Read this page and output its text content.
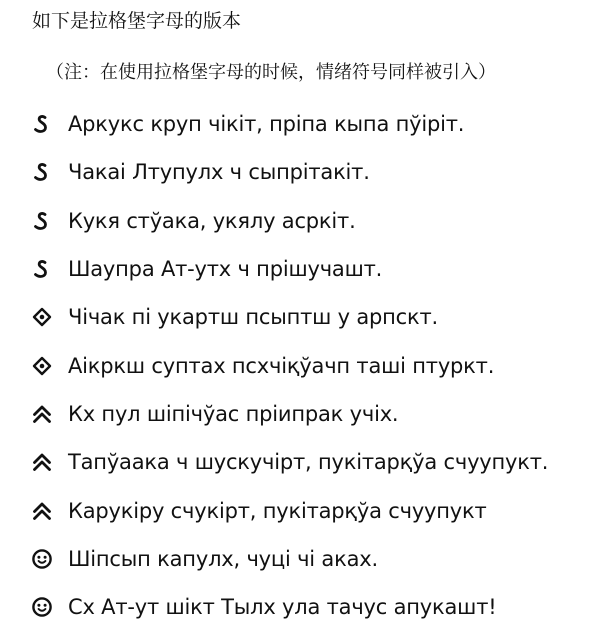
如下是拉格堡字母的版本
（注：在使用拉格堡字母的时候，情绪符号同样被引入）
Аркукс круп чікіт, пріпа кыпа пўіріт.
Чакаі Лтупулх ч сыпрітакіт.
Кукя стўака, укялу асркіт.
Шаупра Ат-утх ч прішучашт.
Чічак пі укартш псыптш у арпскт.
Аікркш суптах псхчіқўачп ташi птуркт.
Кх пул шіпічўас пріипрак учіх.
Тапўаака ч шускучірт, пукітарқўа счуупукт.
Карукіру счукірт, пукітарқўа счуупукт
Шіпсып капулх, чуці чі аках.
Сх Ат-ут шікт Тылх ула тачус апукашт!
